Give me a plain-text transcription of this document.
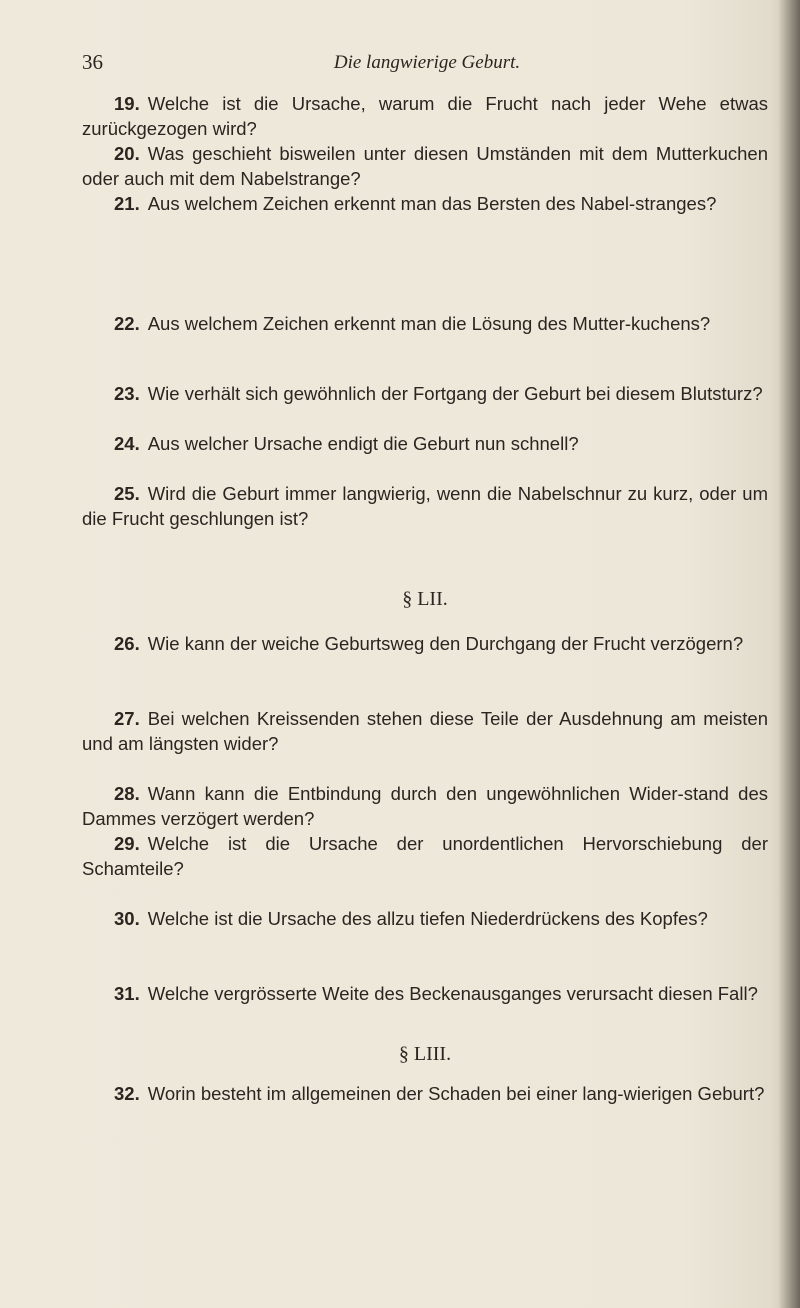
36	Die langwierige Geburt.

19. Welche ist die Ursache, warum die Frucht nach jeder Wehe etwas zurückgezogen wird?

20. Was geschieht bisweilen unter diesen Umständen mit dem Mutterkuchen oder auch mit dem Nabelstrange?

21. Aus welchem Zeichen erkennt man das Bersten des Nabel-stranges?

22. Aus welchem Zeichen erkennt man die Lösung des Mutter-kuchens?

23. Wie verhält sich gewöhnlich der Fortgang der Geburt bei diesem Blutsturz?

24. Aus welcher Ursache endigt die Geburt nun schnell?

25. Wird die Geburt immer langwierig, wenn die Nabelschnur zu kurz, oder um die Frucht geschlungen ist?

§ LII.

26. Wie kann der weiche Geburtsweg den Durchgang der Frucht verzögern?

27. Bei welchen Kreissenden stehen diese Teile der Ausdehnung am meisten und am längsten wider?

28. Wann kann die Entbindung durch den ungewöhnlichen Wider-stand des Dammes verzögert werden?

29. Welche ist die Ursache der unordentlichen Hervorschiebung der Schamteile?

30. Welche ist die Ursache des allzu tiefen Niederdrückens des Kopfes?

31. Welche vergrösserte Weite des Beckenausganges verursacht diesen Fall?

§ LIII.

32. Worin besteht im allgemeinen der Schaden bei einer lang-wierigen Geburt?
